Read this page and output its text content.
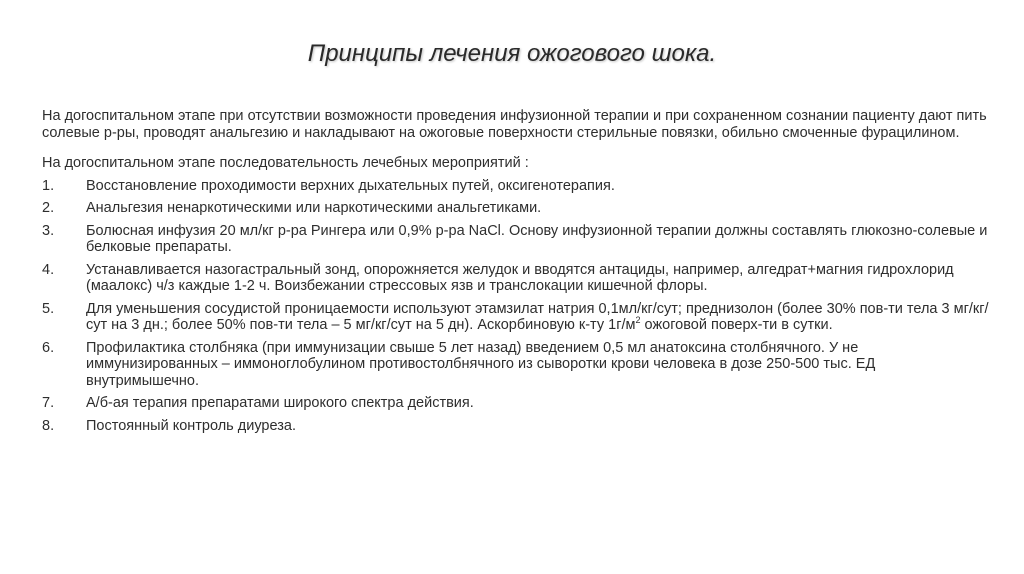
Принципы лечения ожогового шока.

На догоспитальном этапе при отсутствии возможности проведения инфузионной терапии и при сохраненном сознании пациенту дают пить солевые р-ры, проводят анальгезию и накладывают на ожоговые поверхности стерильные повязки, обильно смоченные фурацилином.

На догоспитальном этапе последовательность лечебных мероприятий :

1.	Восстановление проходимости верхних дыхательных путей, оксигенотерапия.
2.	Анальгезия ненаркотическими или наркотическими анальгетиками.
3.	Болюсная инфузия 20 мл/кг р-ра Рингера или 0,9% р-ра NaCl. Основу инфузионной терапии должны составлять глюкозно-солевые и белковые препараты.
4.	Устанавливается назогастральный зонд, опорожняется желудок и вводятся антациды, например, алгедрат+магния гидрохлорид (маалокс) ч/з каждые 1-2 ч. Воизбежании стрессовых язв и транслокации кишечной флоры.
5.	Для уменьшения сосудистой проницаемости используют этамзилат натрия 0,1мл/кг/сут; преднизолон (более 30% пов-ти тела 3 мг/кг/сут на 3 дн.; более 50% пов-ти тела – 5 мг/кг/сут на 5 дн). Аскорбиновую к-ту $1г/м^2$ ожоговой поверх-ти в сутки.
6.	Профилактика столбняка (при иммунизации свыше 5 лет назад) введением 0,5 мл анатоксина столбнячного. У не иммунизированных – иммоноглобулином противостолбнячного из сыворотки крови человека в дозе 250-500 тыс. ЕД внутримышечно.
7.	А/б-ая терапия препаратами широкого спектра действия.
8.	Постоянный контроль диуреза.
